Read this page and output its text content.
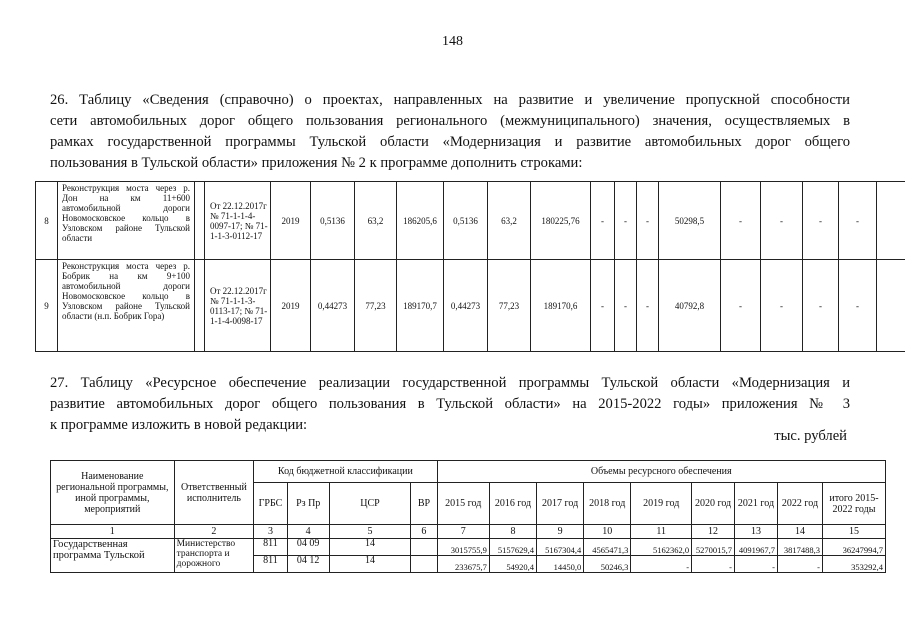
148
26. Таблицу «Сведения (справочно) о проектах, направленных на развитие и увеличение пропускной способности
сети автомобильных дорог общего пользования регионального (межмуниципального) значения, осуществляемых в
рамках государственной программы Тульской области «Модернизация и развитие автомобильных дорог общего
пользования в Тульской области» приложения № 2 к программе дополнить строками:
8	Реконструкция моста через р. Дон на км 11+600 автомобильной дороги Новомосковское кольцо в Узловском районе Тульской области		От 22.12.2017г № 71-1-1-4-0097-17; № 71-1-1-3-0112-17	2019	0,5136	63,2	186205,6	0,5136	63,2	180225,76	-	-	-	50298,5	-	-	-	-	
9	Реконструкция моста через р. Бобрик на км 9+100 автомобильной дороги Новомосковское кольцо в Узловском районе Тульской области (н.п. Бобрик Гора)		От 22.12.2017г № 71-1-1-3-0113-17; № 71-1-1-4-0098-17	2019	0,44273	77,23	189170,7	0,44273	77,23	189170,6	-	-	-	40792,8	-	-	-	-	
27. Таблицу «Ресурсное обеспечение реализации государственной программы Тульской области «Модернизация и
развитие автомобильных дорог общего пользования в Тульской области» на 2015-2022 годы» приложения № 3
к программе изложить в новой редакции:
тыс. рублей
Наименование региональной программы, иной программы, мероприятий	Ответственный исполнитель	Код бюджетной классификации				Объемы ресурсного обеспечения								
		ГРБС	Рз Пр	ЦСР	ВР	2015 год	2016 год	2017 год	2018 год	2019 год	2020 год	2021 год	2022 год	итого 2015-2022 годы
1	2	3	4	5	6	7	8	9	10	11	12	13	14	15
Государственная программа Тульской	Министерство транспорта и дорожного	811	04 09	14		3015755,9	5157629,4	5167304,4	4565471,3	5162362,0	5270015,7	4091967,7	3817488,3	36247994,7
		811	04 12	14		233675,7	54920,4	14450,0	50246,3	-	-	-	-	353292,4
